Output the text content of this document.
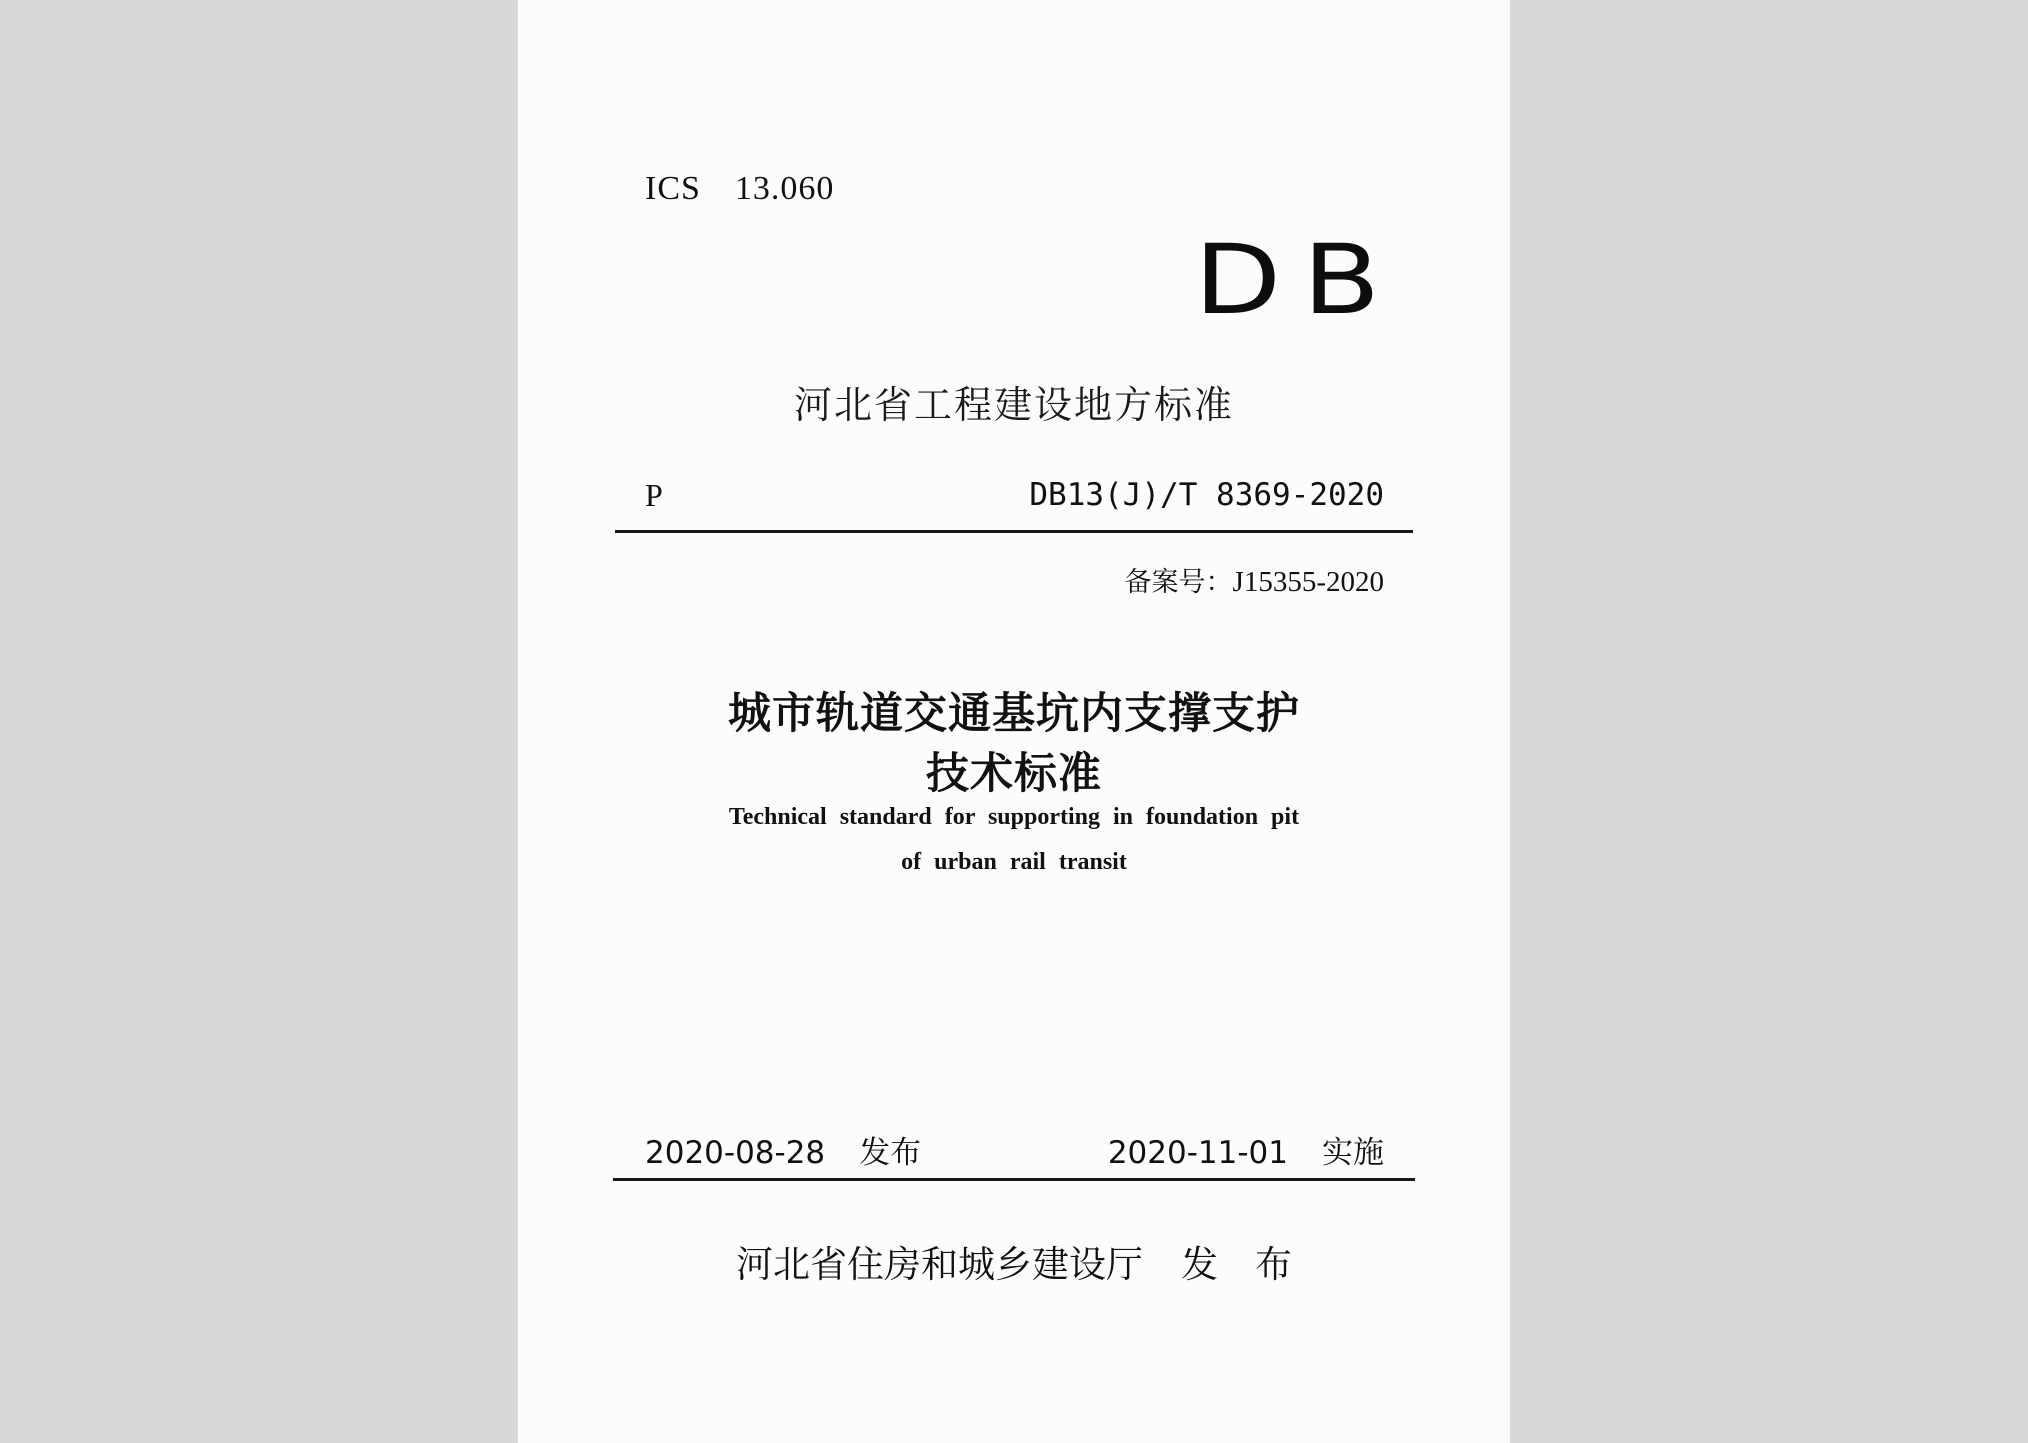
ICS 13.060
DB
河北省工程建设地方标准
P	DB13(J)/T 8369-2020
备案号：J15355-2020
城市轨道交通基坑内支撑支护
技术标准
Technical standard for supporting in foundation pit
of urban rail transit
2020-08-28 发布	2020-11-01 实施
河北省住房和城乡建设厅 发　布
